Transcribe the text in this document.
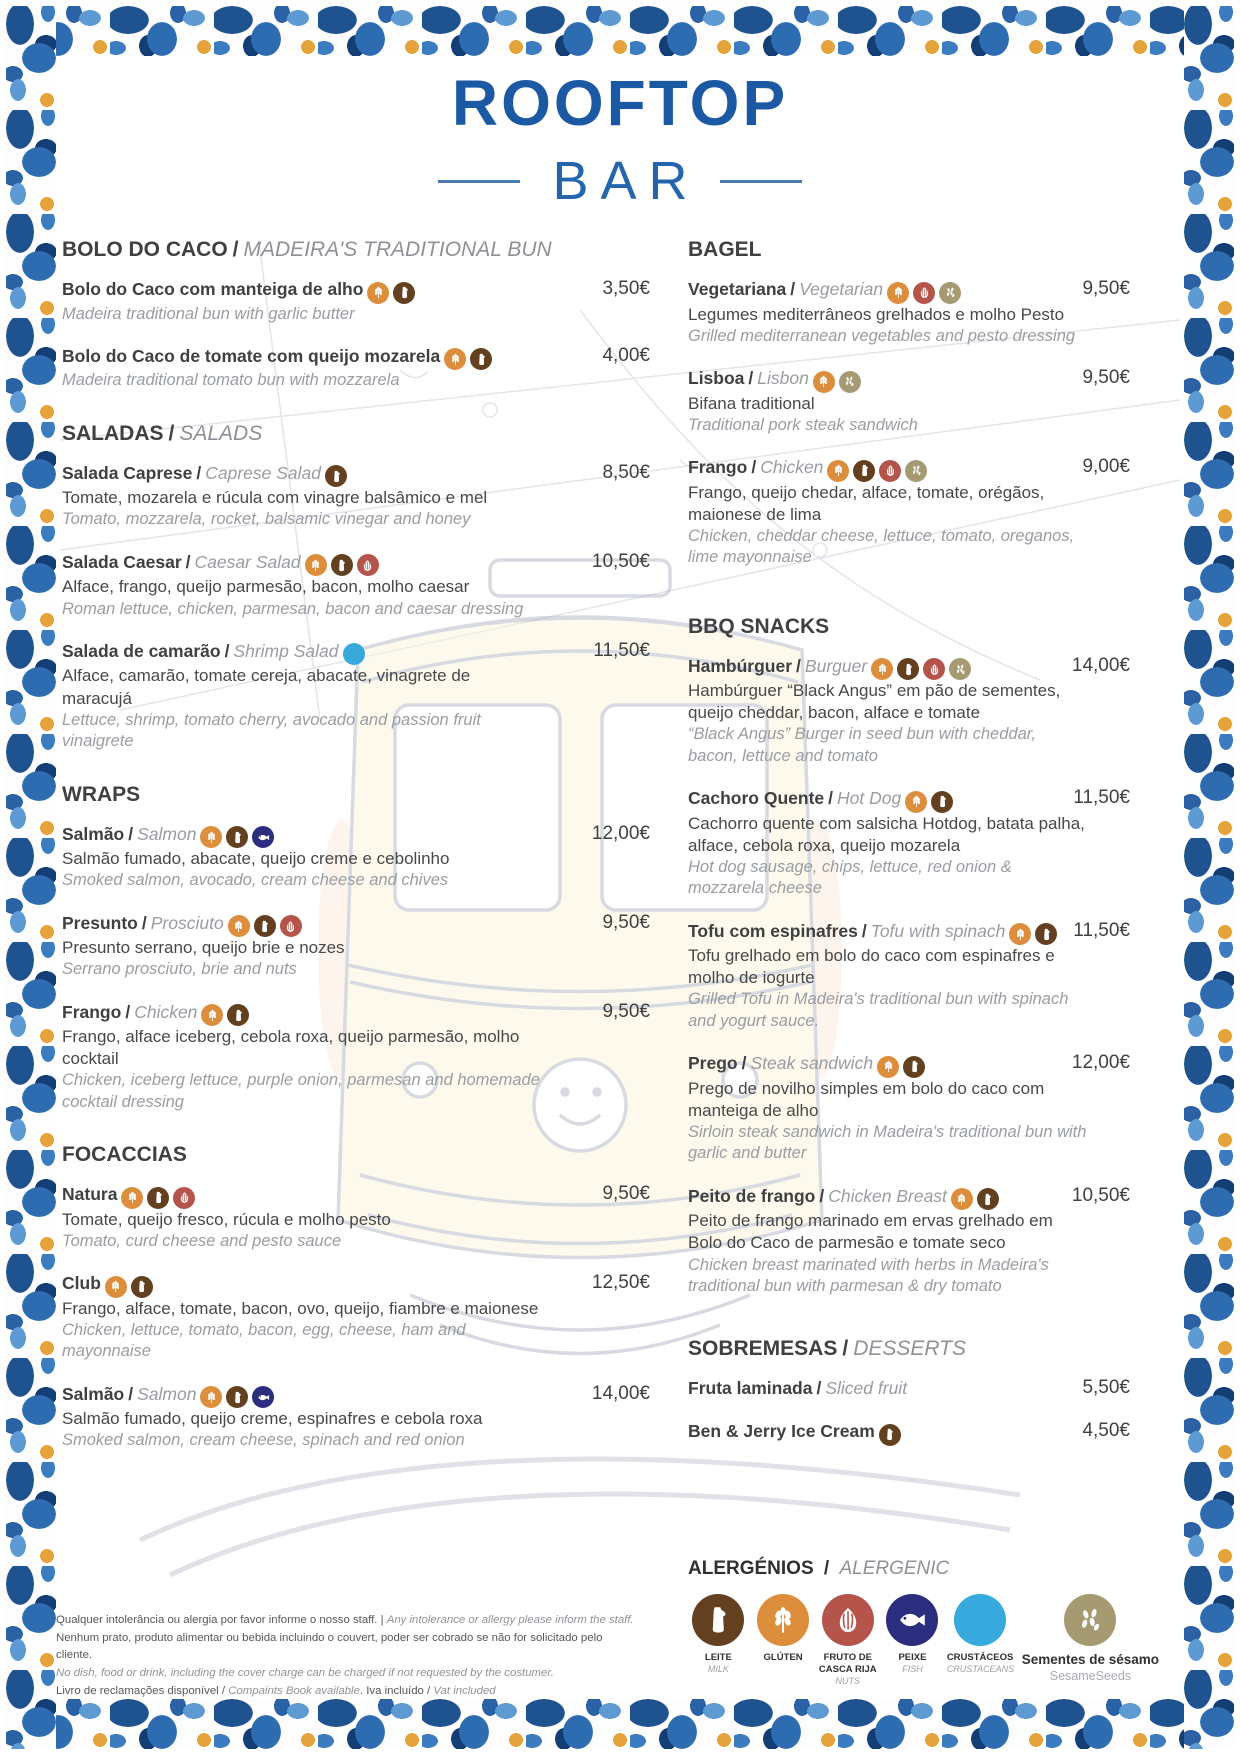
ROOFTOP
BAR
BOLO DO CACO / MADEIRA'S TRADITIONAL BUN
Bolo do Caco com manteiga de alho	3,50€
Madeira traditional bun with garlic butter
Bolo do Caco de tomate com queijo mozarela	4,00€
Madeira traditional tomato bun with mozzarela
SALADAS / SALADS
Salada Caprese / Caprese Salad	8,50€
Tomate, mozarela e rúcula com vinagre balsâmico e mel
Tomato, mozzarela, rocket, balsamic vinegar and honey
Salada Caesar / Caesar Salad	10,50€
Alface, frango, queijo parmesão, bacon, molho caesar
Roman lettuce, chicken, parmesan, bacon and caesar dressing
Salada de camarão / Shrimp Salad	11,50€
Alface, camarão, tomate cereja, abacate, vinagrete de maracujá
Lettuce, shrimp, tomato cherry, avocado and passion fruit vinaigrete
WRAPS
Salmão / Salmon	12,00€
Salmão fumado, abacate, queijo creme e cebolinho
Smoked salmon, avocado, cream cheese and chives
Presunto / Prosciuto	9,50€
Presunto serrano, queijo brie e nozes
Serrano prosciuto, brie and nuts
Frango / Chicken	9,50€
Frango, alface iceberg, cebola roxa, queijo parmesão, molho cocktail
Chicken, iceberg lettuce, purple onion, parmesan and homemade cocktail dressing
FOCACCIAS
Natura	9,50€
Tomate, queijo fresco, rúcula e molho pesto
Tomato, curd cheese and pesto sauce
Club	12,50€
Frango, alface, tomate, bacon, ovo, queijo, fiambre e maionese
Chicken, lettuce, tomato, bacon, egg, cheese, ham and mayonnaise
Salmão / Salmon	14,00€
Salmão fumado, queijo creme, espinafres e cebola roxa
Smoked salmon, cream cheese, spinach and red onion
BAGEL
Vegetariana / Vegetarian	9,50€
Legumes mediterrâneos grelhados e molho Pesto
Grilled mediterranean vegetables and pesto dressing
Lisboa / Lisbon	9,50€
Bifana traditional
Traditional pork steak sandwich
Frango / Chicken	9,00€
Frango, queijo chedar, alface, tomate, orégãos, maionese de lima
Chicken, cheddar cheese, lettuce, tomato, oreganos, lime mayonnaise
BBQ SNACKS
Hambúrguer / Burguer	14,00€
Hambúrguer “Black Angus” em pão de sementes, queijo cheddar, bacon, alface e tomate
“Black Angus” Burger in seed bun with cheddar, bacon, lettuce and tomato
Cachoro Quente / Hot Dog	11,50€
Cachorro quente com salsicha Hotdog, batata palha, alface, cebola roxa, queijo mozarela
Hot dog sausage, chips, lettuce, red onion & mozzarela cheese
Tofu com espinafres / Tofu with spinach	11,50€
Tofu grelhado em bolo do caco com espinafres e molho de iogurte
Grilled Tofu in Madeira's traditional bun with spinach and yogurt sauce.
Prego / Steak sandwich	12,00€
Prego de novilho simples em bolo do caco com manteiga de alho
Sirloin steak sandwich in Madeira's traditional bun with garlic and butter
Peito de frango / Chicken Breast	10,50€
Peito de frango marinado em ervas grelhado em Bolo do Caco de parmesão e tomate seco
Chicken breast marinated with herbs in Madeira's traditional bun with parmesan & dry tomato
SOBREMESAS / DESSERTS
Fruta laminada / Sliced fruit	5,50€
Ben & Jerry Ice Cream	4,50€
ALERGÉNIOS / ALERGENIC
LEITE
MILK
GLÚTEN	FRUTO DE CASCA RIJA
NUTS
PEIXE
FISH
CRUSTÁCEOS
CRUSTACEANS
Sementes de sésamo
SesameSeeds
Qualquer intolerância ou alergia por favor informe o nosso staff. | Any intolerance or allergy please inform the staff.
Nenhum prato, produto alimentar ou bebida incluindo o couvert, poder ser cobrado se não for solicitado pelo cliente.
No dish, food or drink, including the cover charge can be charged if not requested by the costumer.
Livro de reclamações disponível / Compaints Book available. Iva incluído / Vat included
